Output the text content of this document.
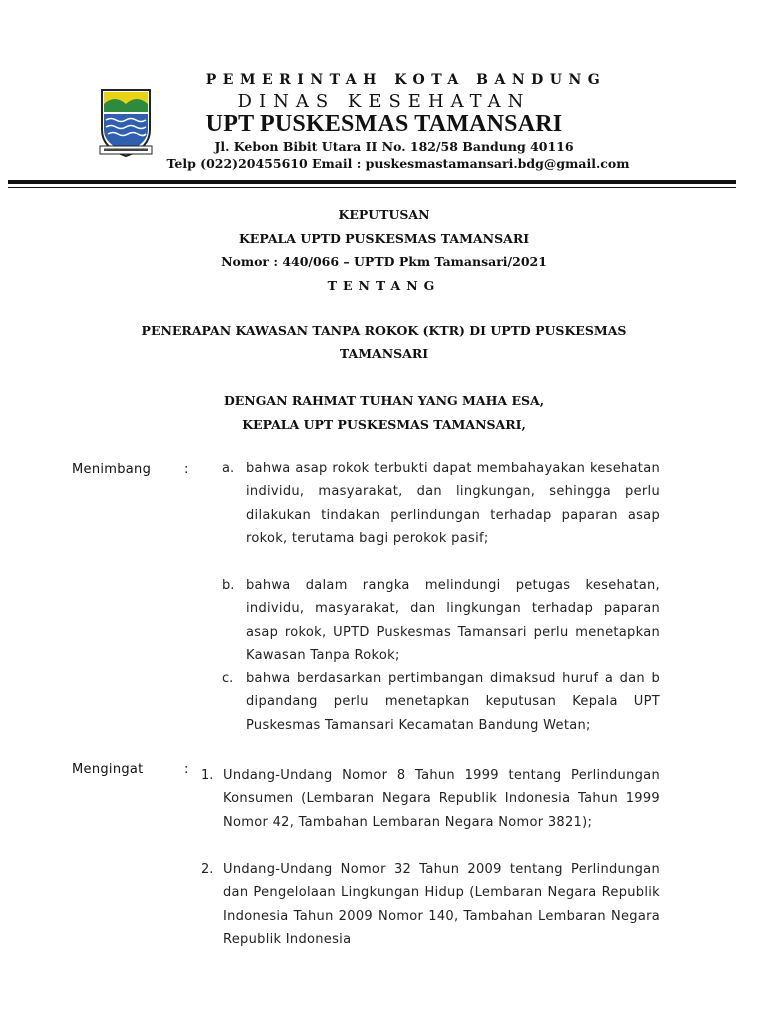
PEMERINTAH KOTA BANDUNG
DINAS KESEHATAN
UPT PUSKESMAS TAMANSARI
Jl. Kebon Bibit Utara II No. 182/58 Bandung 40116
Telp (022)20455610 Email : puskesmastamansari.bdg@gmail.com
KEPUTUSAN
KEPALA UPTD PUSKESMAS TAMANSARI
Nomor : 440/066 – UPTD Pkm Tamansari/2021
TENTANG
PENERAPAN KAWASAN TANPA ROKOK (KTR) DI UPTD PUSKESMAS
TAMANSARI
DENGAN RAHMAT TUHAN YANG MAHA ESA,
KEPALA UPT PUSKESMAS TAMANSARI,
Menimbang	:	a. bahwa asap rokok terbukti dapat membahayakan kesehatan individu, masyarakat, dan lingkungan, sehingga perlu dilakukan tindakan perlindungan terhadap paparan asap rokok, terutama bagi perokok pasif;
b. bahwa dalam rangka melindungi petugas kesehatan, individu, masyarakat, dan lingkungan terhadap paparan asap rokok, UPTD Puskesmas Tamansari perlu menetapkan Kawasan Tanpa Rokok;
c. bahwa berdasarkan pertimbangan dimaksud huruf a dan b dipandang perlu menetapkan keputusan Kepala UPT Puskesmas Tamansari Kecamatan Bandung Wetan;
Mengingat	: 1. Undang-Undang Nomor 8 Tahun 1999 tentang Perlindungan Konsumen (Lembaran Negara Republik Indonesia Tahun 1999 Nomor 42, Tambahan Lembaran Negara Nomor 3821);
2. Undang-Undang Nomor 32 Tahun 2009 tentang Perlindungan dan Pengelolaan Lingkungan Hidup (Lembaran Negara Republik Indonesia Tahun 2009 Nomor 140, Tambahan Lembaran Negara Republik Indonesia
